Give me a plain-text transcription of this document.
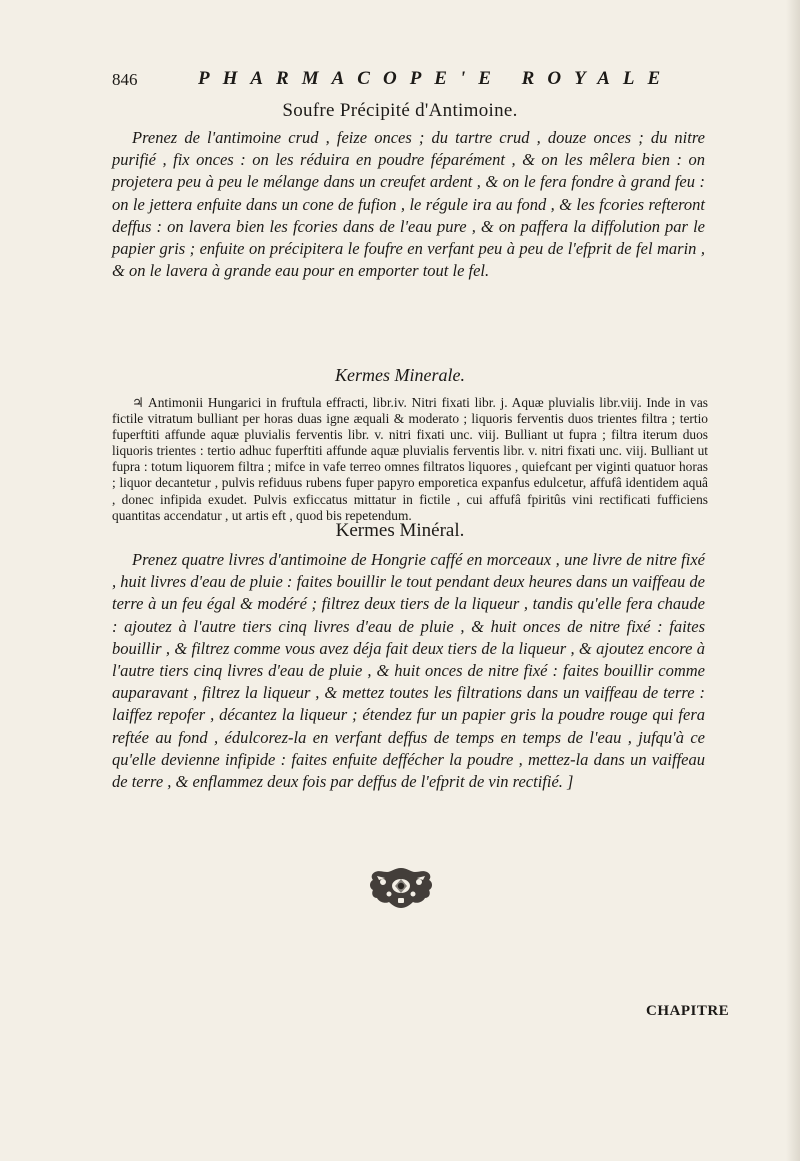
846	PHARMACOPE'E ROYALE
Soufre Précipité d'Antimoine.
Prenez de l'antimoine crud , feize onces ; du tartre crud , douze onces ; du nitre purifié , fix onces : on les réduira en poudre féparément , & on les mêlera bien : on projetera peu à peu le mélange dans un creufet ardent , & on le fera fondre à grand feu : on le jettera enfuite dans un cone de fufion , le régule ira au fond , & les fcories refteront deffus : on lavera bien les fcories dans de l'eau pure , & on paffera la diffolution par le papier gris ; enfuite on précipitera le foufre en verfant peu à peu de l'efprit de fel marin , & on le lavera à grande eau pour en emporter tout le fel.
Kermes Minerale.
♃ Antimonii Hungarici in fruftula effracti, libr.iv. Nitri fixati libr. j. Aquæ pluvialis libr.viij. Inde in vas fictile vitratum bulliant per horas duas igne æquali & moderato ; liquoris ferventis duos trientes filtra ; tertio fuperftiti affunde aquæ pluvialis ferventis libr. v. nitri fixati unc. viij. Bulliant ut fupra ; filtra iterum duos liquoris trientes : tertio adhuc fuperftiti affunde aquæ pluvialis ferventis libr. v. nitri fixati unc. viij. Bulliant ut fupra : totum liquorem filtra ; mifce in vafe terreo omnes filtratos liquores , quiefcant per viginti quatuor horas ; liquor decantetur , pulvis refiduus rubens fuper papyro emporetica expanfus edulcetur, affufâ identidem aquâ , donec infipida exudet. Pulvis exficcatus mittatur in fictile , cui affufâ fpiritûs vini rectificati fufficiens quantitas accendatur , ut artis eft , quod bis repetendum.
Kermes Minéral.
Prenez quatre livres d'antimoine de Hongrie caffé en morceaux , une livre de nitre fixé , huit livres d'eau de pluie : faites bouillir le tout pendant deux heures dans un vaiffeau de terre à un feu égal & modéré ; filtrez deux tiers de la liqueur , tandis qu'elle fera chaude : ajoutez à l'autre tiers cinq livres d'eau de pluie , & huit onces de nitre fixé : faites bouillir , & filtrez comme vous avez déja fait deux tiers de la liqueur , & ajoutez encore à l'autre tiers cinq livres d'eau de pluie , & huit onces de nitre fixé : faites bouillir comme auparavant , filtrez la liqueur , & mettez toutes les filtrations dans un vaiffeau de terre : laiffez repofer , décantez la liqueur ; étendez fur un papier gris la poudre rouge qui fera reftée au fond , édulcorez-la en verfant deffus de temps en temps de l'eau , jufqu'à ce qu'elle devienne infipide : faites enfuite deffécher la poudre , mettez-la dans un vaiffeau de terre , & enflammez deux fois par deffus de l'efprit de vin rectifié. ]
CHAPITRE
